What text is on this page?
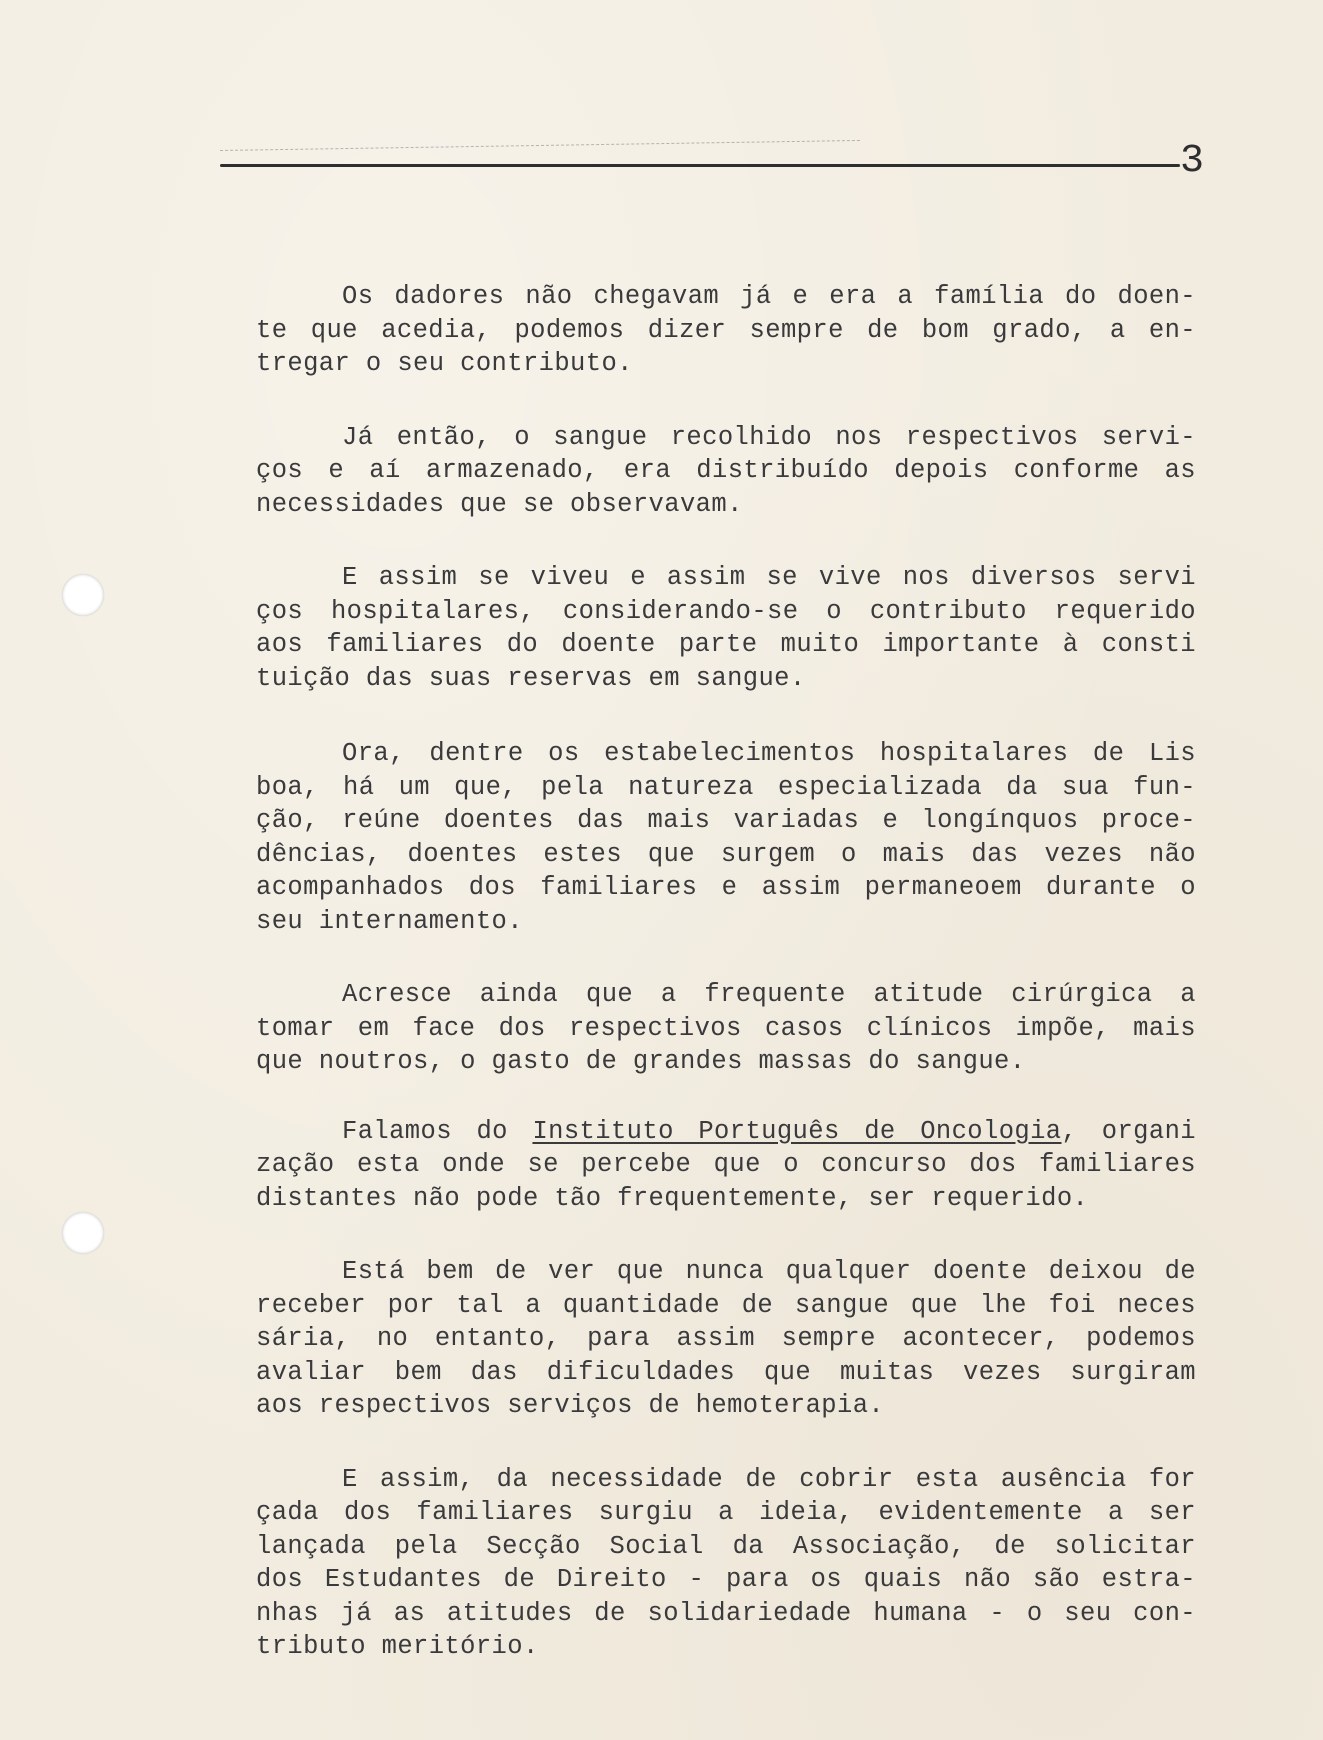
3
Os dadores não chegavam já e era a família do doen-
te que acedia, podemos dizer sempre de bom grado, a en-
tregar o seu contributo.
Já então, o sangue recolhido nos respectivos servi-
ços e aí armazenado, era distribuído depois conforme as
necessidades que se observavam.
E assim se viveu e assim se vive nos diversos servi
ços hospitalares, considerando-se o contributo requerido
aos familiares do doente parte muito importante à consti
tuição das suas reservas em sangue.
Ora, dentre os estabelecimentos hospitalares de Lis
boa, há um que, pela natureza especializada da sua fun-
ção, reúne doentes das mais variadas e longínquos proce-
dências, doentes estes que surgem o mais das vezes não
acompanhados dos familiares e assim permaneoem durante o
seu internamento.
Acresce ainda que a frequente atitude cirúrgica a
tomar em face dos respectivos casos clínicos impõe, mais
que noutros, o gasto de grandes massas do sangue.
Falamos do Instituto Português de Oncologia, organi
zação esta onde se percebe que o concurso dos familiares
distantes não pode tão frequentemente, ser requerido.
Está bem de ver que nunca qualquer doente deixou de
receber por tal a quantidade de sangue que lhe foi neces
sária, no entanto, para assim sempre acontecer, podemos
avaliar bem das dificuldades que muitas vezes surgiram
aos respectivos serviços de hemoterapia.
E assim, da necessidade de cobrir esta ausência for
çada dos familiares surgiu a ideia, evidentemente a ser
lançada pela Secção Social da Associação, de solicitar
dos Estudantes de Direito - para os quais não são estra-
nhas já as atitudes de solidariedade humana - o seu con-
tributo meritório.
